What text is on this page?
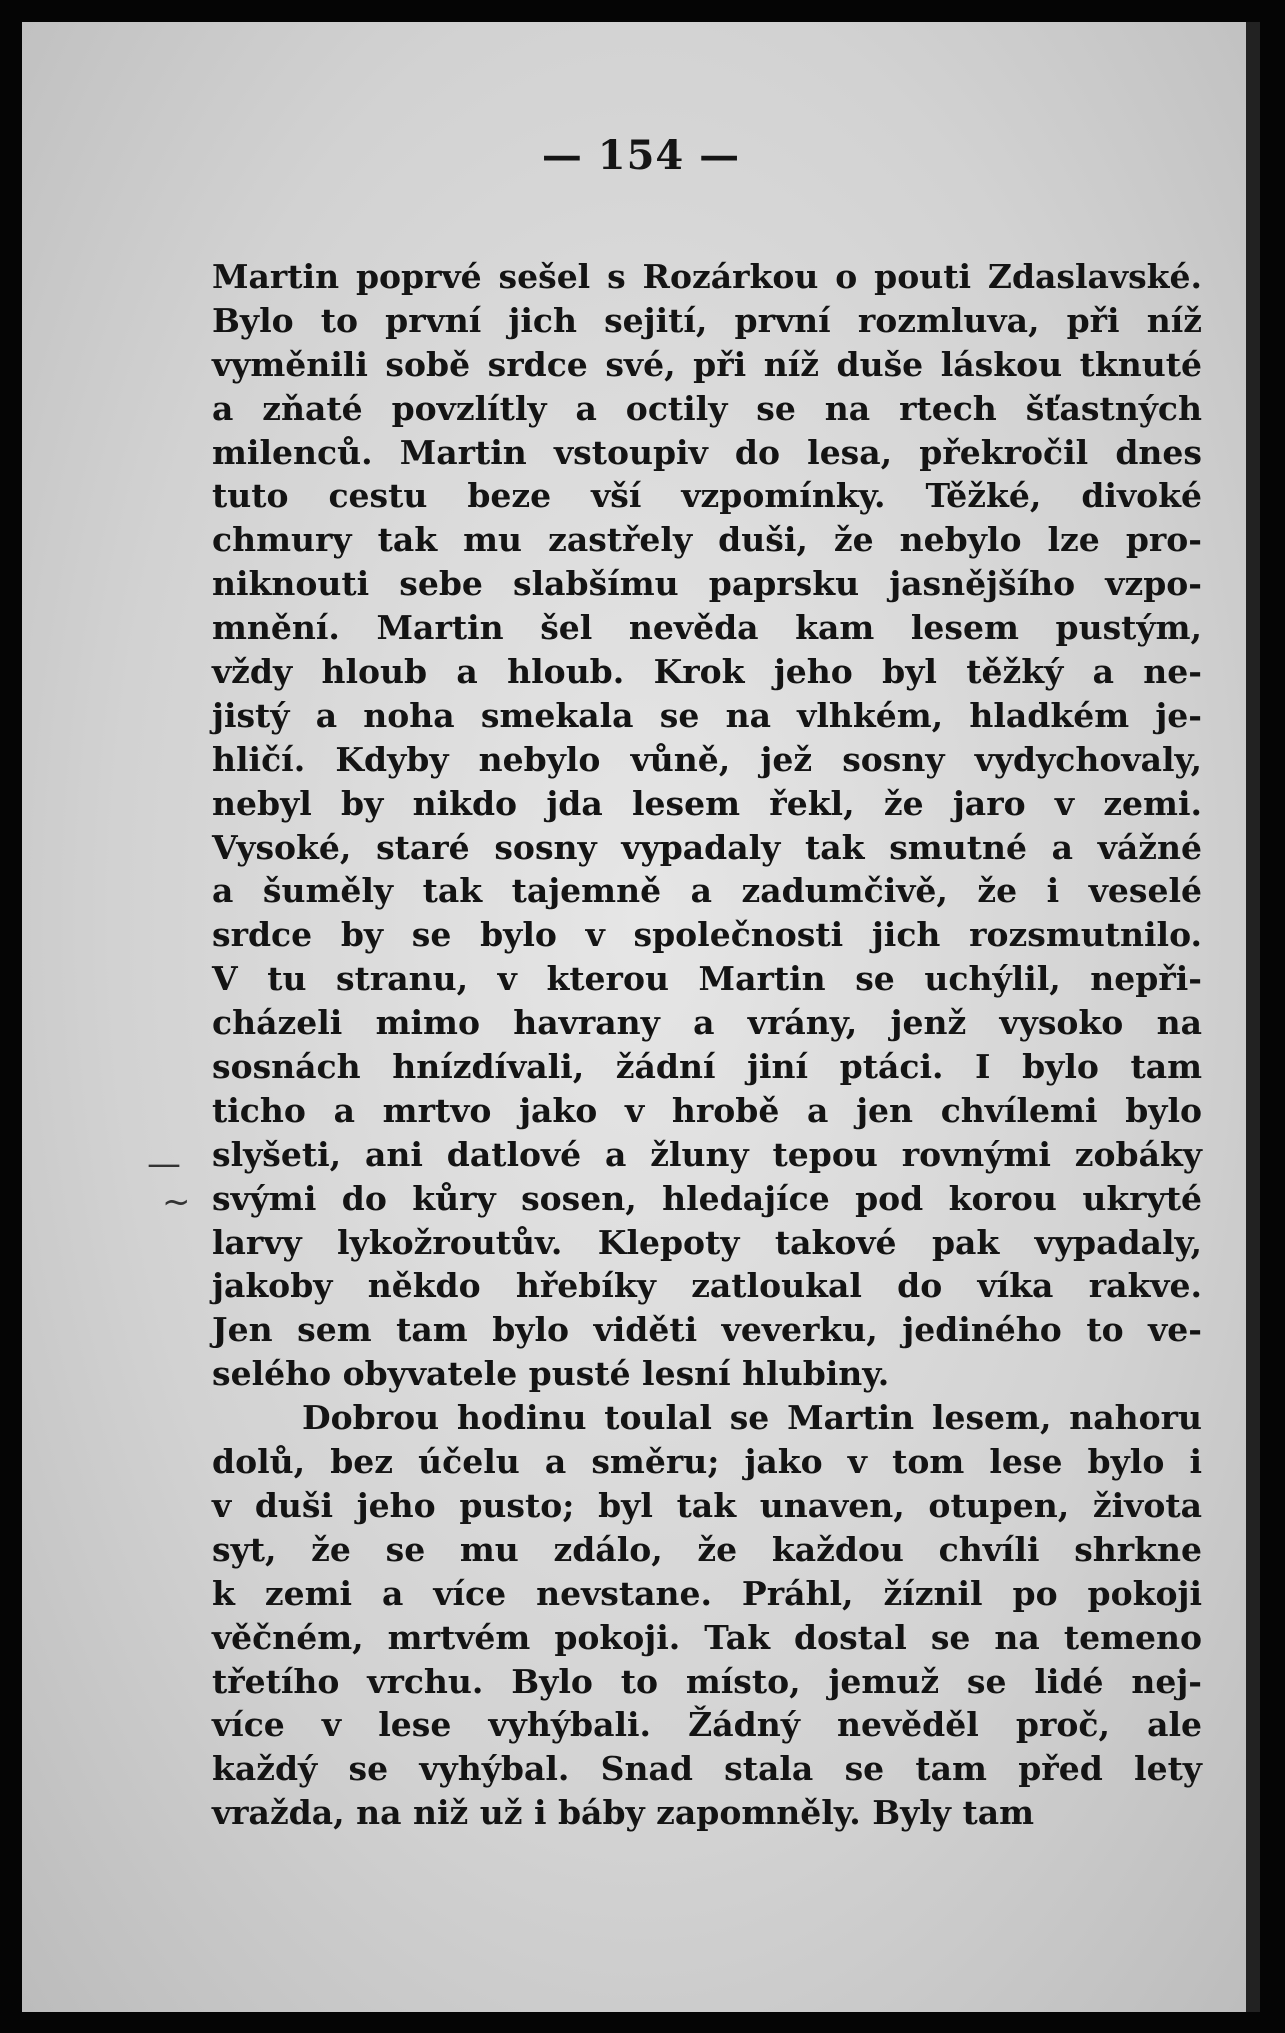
— 154 —
Martin poprvé sešel s Rozárkou o pouti Zdaslavské.
Bylo to první jich sejití, první rozmluva, při níž
vyměnili sobě srdce své, při níž duše láskou tknuté
a zňaté povzlítly a octily se na rtech šťastných
milenců. Martin vstoupiv do lesa, překročil dnes
tuto cestu beze vší vzpomínky. Těžké, divoké
chmury tak mu zastřely duši, že nebylo lze pro-
niknouti sebe slabšímu paprsku jasnějšího vzpo-
mnění. Martin šel nevěda kam lesem pustým,
vždy hloub a hloub. Krok jeho byl těžký a ne-
jistý a noha smekala se na vlhkém, hladkém je-
hličí. Kdyby nebylo vůně, jež sosny vydychovaly,
nebyl by nikdo jda lesem řekl, že jaro v zemi.
Vysoké, staré sosny vypadaly tak smutné a vážné
a šuměly tak tajemně a zadumčivě, že i veselé
srdce by se bylo v společnosti jich rozsmutnilo.
V tu stranu, v kterou Martin se uchýlil, nepři-
cházeli mimo havrany a vrány, jenž vysoko na
sosnách hnízdívali, žádní jiní ptáci. I bylo tam
ticho a mrtvo jako v hrobě a jen chvílemi bylo
slyšeti, ani datlové a žluny tepou rovnými zobáky
svými do kůry sosen, hledajíce pod korou ukryté
larvy lykožroutův. Klepoty takové pak vypadaly,
jakoby někdo hřebíky zatloukal do víka rakve.
Jen sem tam bylo viděti veverku, jediného to ve-
selého obyvatele pusté lesní hlubiny.
Dobrou hodinu toulal se Martin lesem, nahoru
dolů, bez účelu a směru; jako v tom lese bylo i
v duši jeho pusto; byl tak unaven, otupen, života
syt, že se mu zdálo, že každou chvíli shrkne
k zemi a více nevstane. Práhl, žíznil po pokoji
věčném, mrtvém pokoji. Tak dostal se na temeno
třetího vrchu. Bylo to místo, jemuž se lidé nej-
více v lese vyhýbali. Žádný nevěděl proč, ale
každý se vyhýbal. Snad stala se tam před lety
vražda, na niž už i báby zapomněly. Byly tam
—
~
